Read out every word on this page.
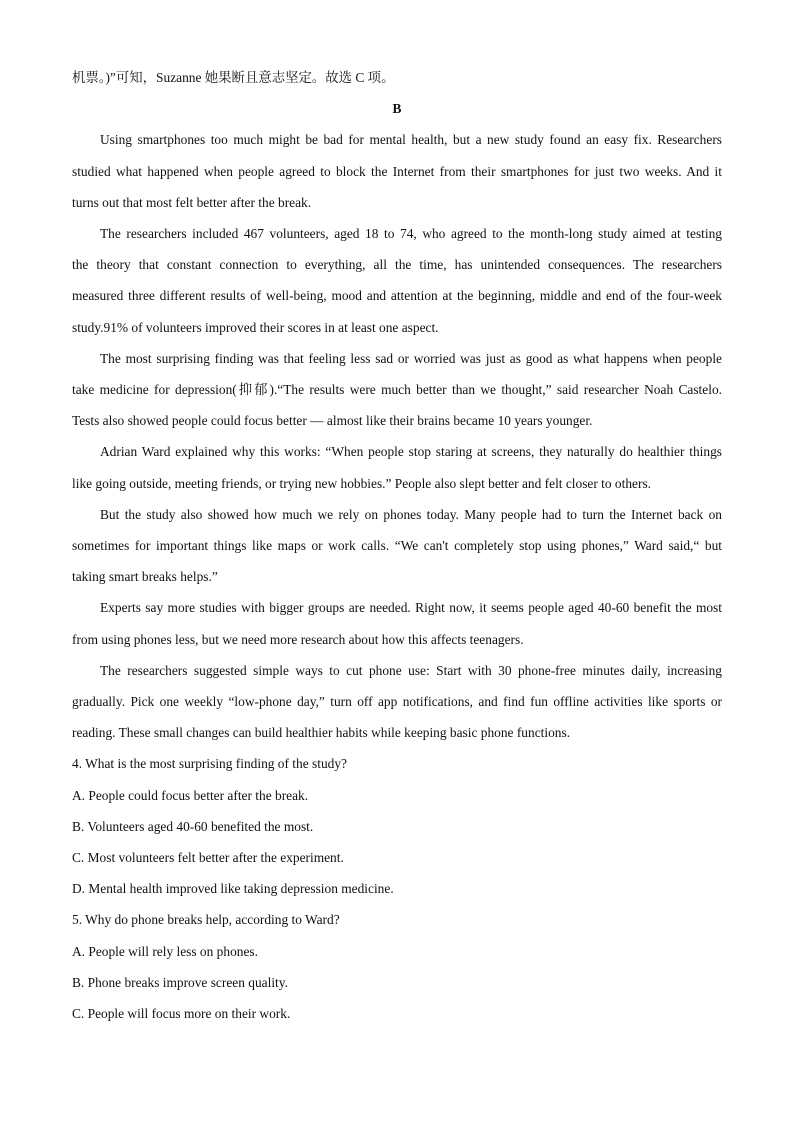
机票。)”可知，Suzanne 她果断且意志坚定。故选 C 项。

B

Using smartphones too much might be bad for mental health, but a new study found an easy fix. Researchers

studied what happened when people agreed to block the Internet from their smartphones for just two weeks. And it

turns out that most felt better after the break.

The researchers included 467 volunteers, aged 18 to 74, who agreed to the month-long study aimed at testing

the theory that constant connection to everything, all the time, has unintended consequences. The researchers

measured three different results of well-being, mood and attention at the beginning, middle and end of the four-week

study.91% of volunteers improved their scores in at least one aspect.

The most surprising finding was that feeling less sad or worried was just as good as what happens when people

take medicine for depression(抑郁).“The results were much better than we thought,” said researcher Noah Castelo.

Tests also showed people could focus better — almost like their brains became 10 years younger.

Adrian Ward explained why this works: “When people stop staring at screens, they naturally do healthier things

like going outside, meeting friends, or trying new hobbies.” People also slept better and felt closer to others.

But the study also showed how much we rely on phones today. Many people had to turn the Internet back on

sometimes for important things like maps or work calls. “We can't completely stop using phones,” Ward said,“ but

taking smart breaks helps.”

Experts say more studies with bigger groups are needed. Right now, it seems people aged 40-60 benefit the most

from using phones less, but we need more research about how this affects teenagers.

The researchers suggested simple ways to cut phone use: Start with 30 phone-free minutes daily, increasing

gradually. Pick one weekly “low-phone day,” turn off app notifications, and find fun offline activities like sports or

reading. These small changes can build healthier habits while keeping basic phone functions.

4. What is the most surprising finding of the study?

A. People could focus better after the break.

B. Volunteers aged 40-60 benefited the most.

C. Most volunteers felt better after the experiment.

D. Mental health improved like taking depression medicine.

5. Why do phone breaks help, according to Ward?

A. People will rely less on phones.

B. Phone breaks improve screen quality.

C. People will focus more on their work.
